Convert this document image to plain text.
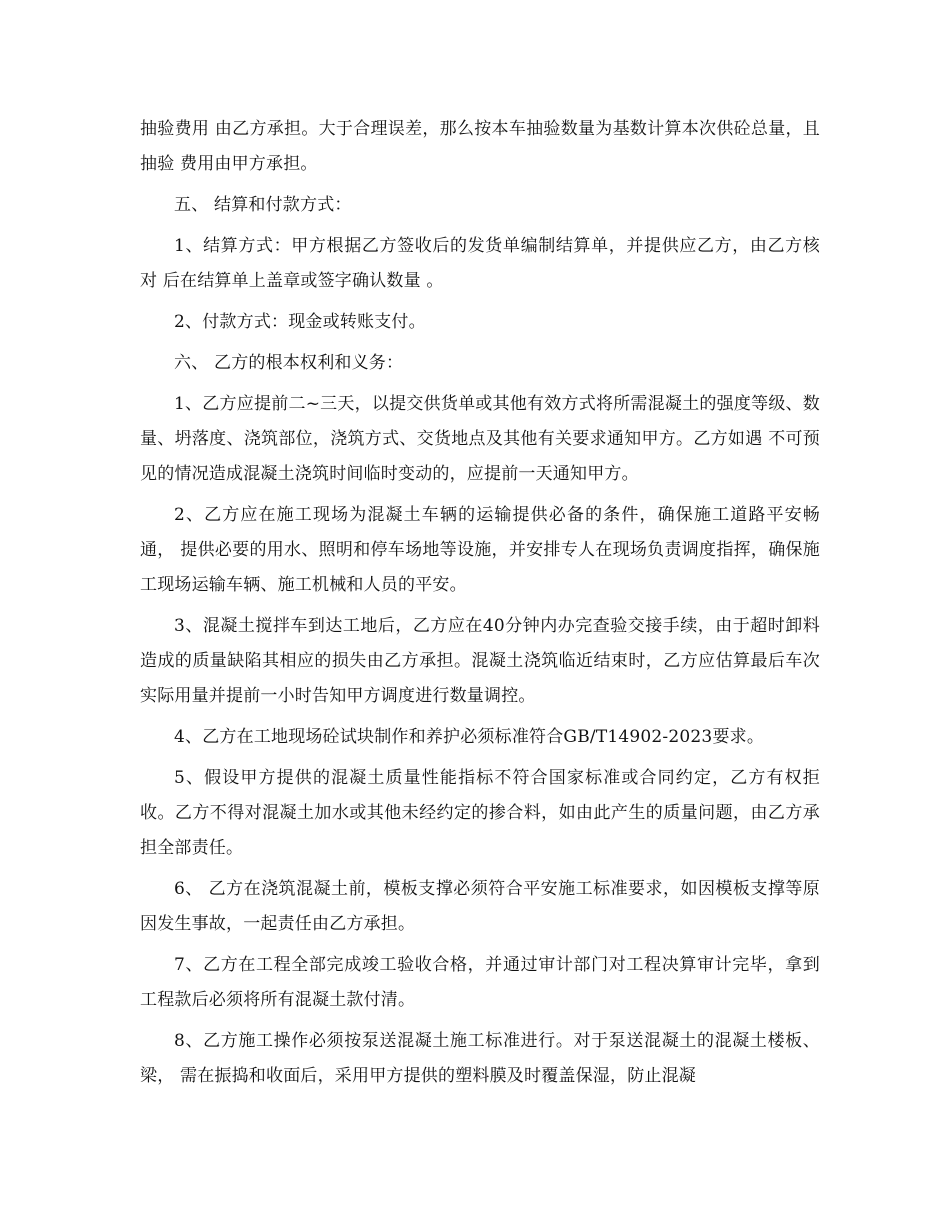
抽验费用 由乙方承担。大于合理误差，那么按本车抽验数量为基数计算本次供砼总量，且抽验 费用由甲方承担。

五、 结算和付款方式：

1、结算方式：甲方根据乙方签收后的发货单编制结算单，并提供应乙方，由乙方核对 后在结算单上盖章或签字确认数量 。

2、付款方式：现金或转账支付。

六、 乙方的根本权利和义务：

1、乙方应提前二~三天，以提交供货单或其他有效方式将所需混凝土的强度等级、数 量、坍落度、浇筑部位，浇筑方式、交货地点及其他有关要求通知甲方。乙方如遇 不可预见的情况造成混凝土浇筑时间临时变动的，应提前一天通知甲方。

2、乙方应在施工现场为混凝土车辆的运输提供必备的条件，确保施工道路平安畅通， 提供必要的用水、照明和停车场地等设施，并安排专人在现场负责调度指挥，确保施工现场运输车辆、施工机械和人员的平安。

3、混凝土搅拌车到达工地后，乙方应在40分钟内办完查验交接手续，由于超时卸料造成的质量缺陷其相应的损失由乙方承担。混凝土浇筑临近结束时，乙方应估算最后车次实际用量并提前一小时告知甲方调度进行数量调控。

4、乙方在工地现场砼试块制作和养护必须标准符合GB/T14902-2023要求。

5、假设甲方提供的混凝土质量性能指标不符合国家标准或合同约定，乙方有权拒收。乙方不得对混凝土加水或其他未经约定的掺合料，如由此产生的质量问题，由乙方承担全部责任。

6、 乙方在浇筑混凝土前，模板支撑必须符合平安施工标准要求，如因模板支撑等原因发生事故，一起责任由乙方承担。

7、乙方在工程全部完成竣工验收合格，并通过审计部门对工程决算审计完毕，拿到工程款后必须将所有混凝土款付清。

8、乙方施工操作必须按泵送混凝土施工标准进行。对于泵送混凝土的混凝土楼板、梁， 需在振捣和收面后，采用甲方提供的塑料膜及时覆盖保湿，防止混凝
